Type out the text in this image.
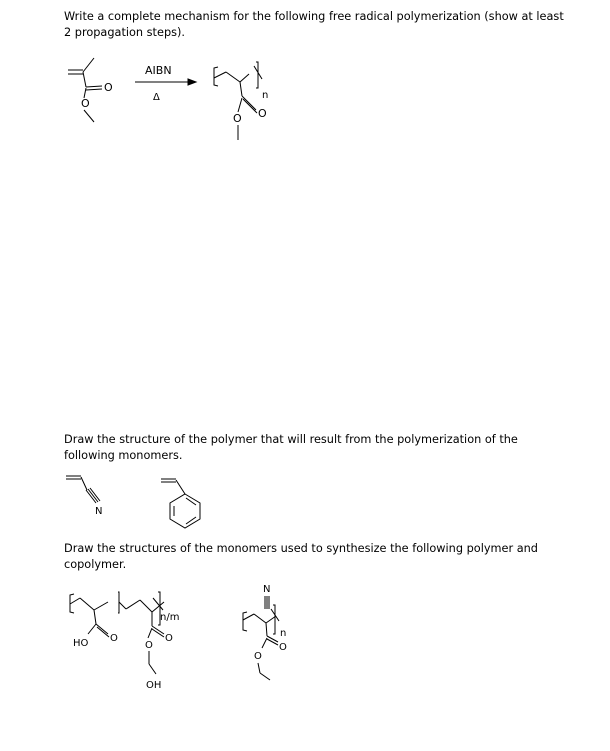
Write a complete mechanism for the following free radical polymerization (show at least
2 propagation steps).
Draw the structure of the polymer that will result from the polymerization of the
following monomers.
Draw the structures of the monomers used to synthesize the following polymer and
copolymer.
O
O
AIBN
Δ	n
O
O
N
O
HO
n/m
O
O
OH
N
n
O
O
